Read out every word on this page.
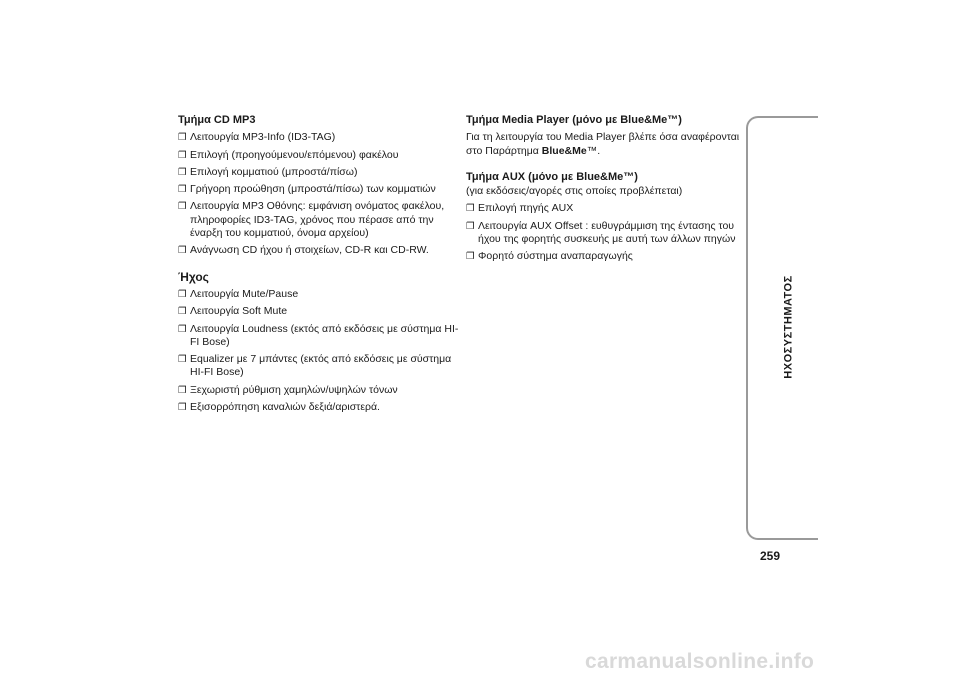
Τμήμα CD MP3
❒ Λειτουργία MP3-Info (ID3-TAG)
❒ Επιλογή (προηγούμενου/επόμενου) φακέλου
❒ Επιλογή κομματιού (μπροστά/πίσω)
❒ Γρήγορη προώθηση (μπροστά/πίσω) των κομματιών
❒ Λειτουργία MP3 Οθόνης: εμφάνιση ονόματος φακέλου, πληροφορίες ID3-TAG, χρόνος που πέρασε από την έναρξη του κομματιού, όνομα αρχείου)
❒ Ανάγνωση CD ήχου ή στοιχείων, CD-R και CD-RW.
Ήχος
❒ Λειτουργία Mute/Pause
❒ Λειτουργία Soft Mute
❒ Λειτουργία Loudness (εκτός από εκδόσεις με σύστημα HI-FI Bose)
❒ Equalizer με 7 μπάντες (εκτός από εκδόσεις με σύστημα HI-FI Bose)
❒ Ξεχωριστή ρύθμιση χαμηλών/υψηλών τόνων
❒ Εξισορρόπηση καναλιών δεξιά/αριστερά.
Τμήμα Media Player (μόνο με Blue&Me™)

Για τη λειτουργία του Media Player βλέπε όσα αναφέρονται στο Παράρτημα Blue&Me™.

Τμήμα AUX (μόνο με Blue&Me™)

(για εκδόσεις/αγορές στις οποίες προβλέπεται)

❒ Επιλογή πηγής AUX
❒ Λειτουργία AUX Offset : ευθυγράμμιση της έντασης του ήχου της φορητής συσκευής με αυτή των άλλων πηγών
❒ Φορητό σύστημα αναπαραγωγής
ΗΧΟΣΥΣΤΗΜΑΤΟΣ
259
carmanualsonline.info
